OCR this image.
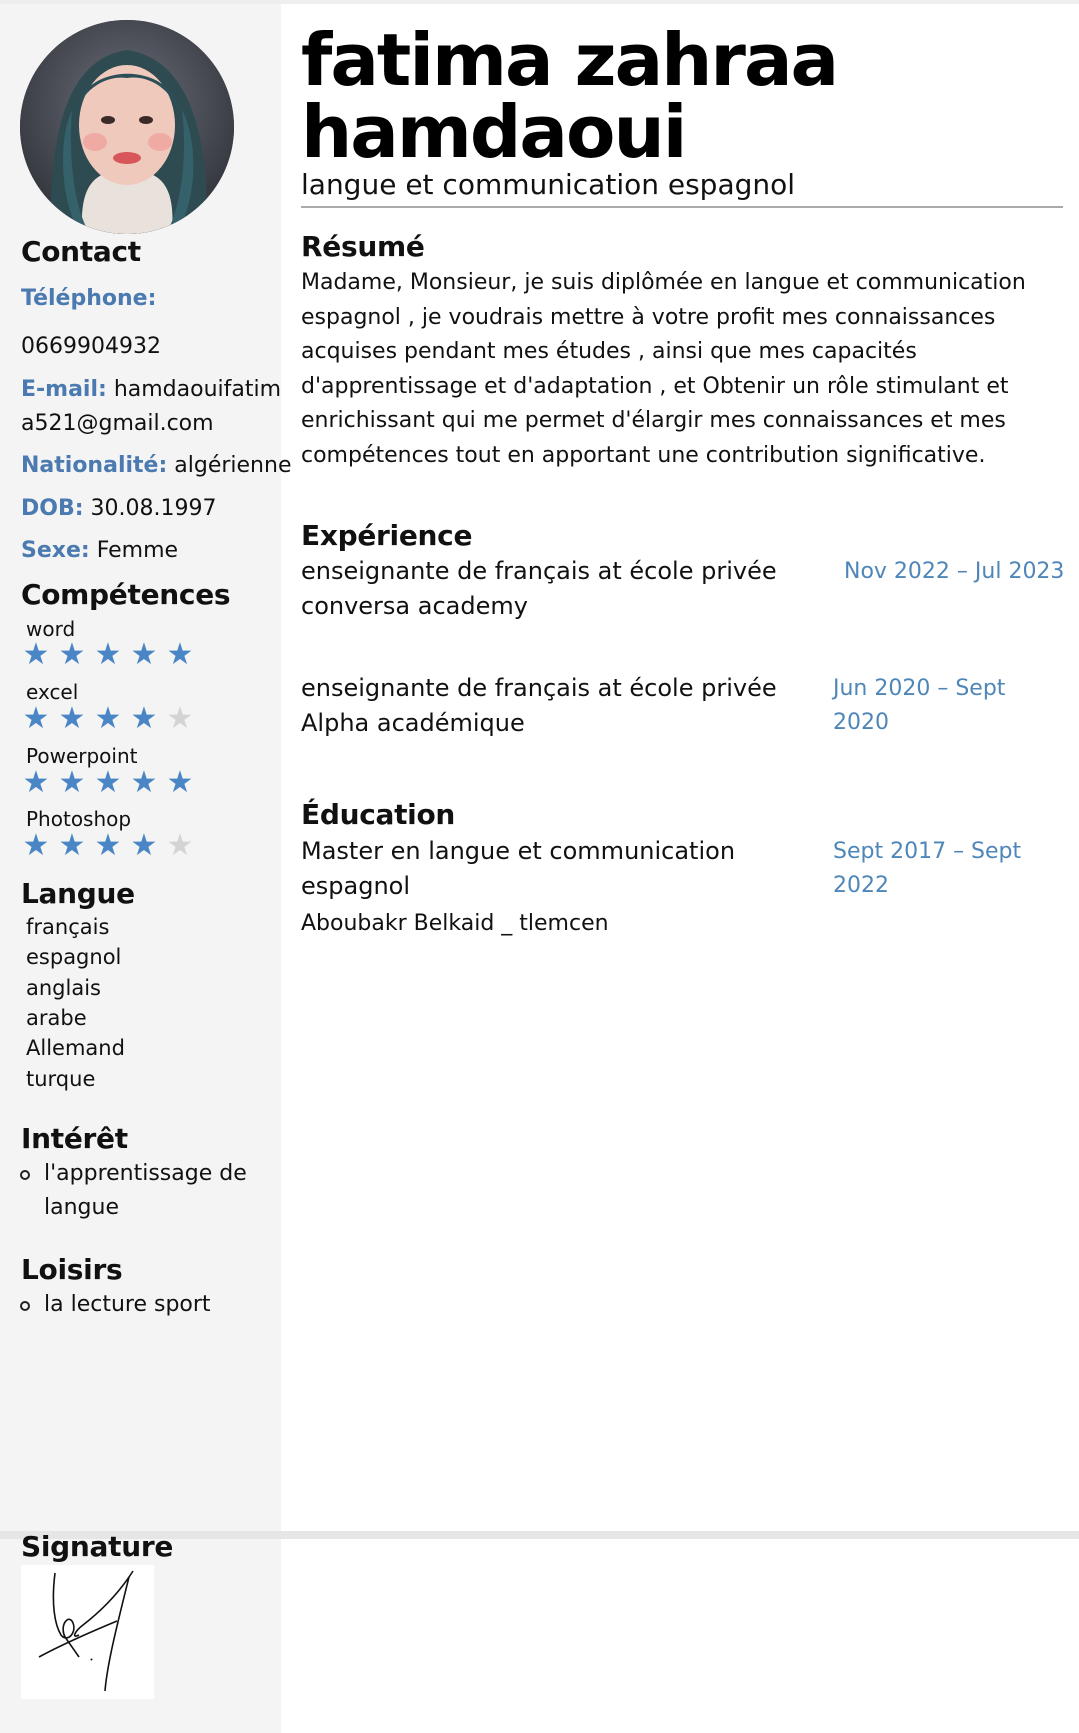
Contact
Téléphone:
0669904932
E-mail: hamdaouifatim
a521@gmail.com
Nationalité: algérienne
DOB: 30.08.1997
Sexe: Femme
Compétences
word
★ ★ ★ ★ ★
excel
★ ★ ★ ★ ★
Powerpoint
★ ★ ★ ★ ★
Photoshop
★ ★ ★ ★ ★
Langue
français
espagnol
anglais
arabe
Allemand
turque
Intérêt
l'apprentissage de
langue
Loisirs
la lecture sport
Signature
fatima zahraa
hamdaoui
langue et communication espagnol
Résumé
Madame, Monsieur, je suis diplômée en langue et communication espagnol , je voudrais mettre à votre profit mes connaissances acquises pendant mes études , ainsi que mes capacités d'apprentissage et d'adaptation , et Obtenir un rôle stimulant et enrichissant qui me permet d'élargir mes connaissances et mes compétences tout en apportant une contribution significative.
Expérience
enseignante de français at école privée
conversa academy
Nov 2022 – Jul 2023
enseignante de français at école privée
Alpha académique
Jun 2020 – Sept
2020
Éducation
Master en langue et communication
espagnol
Aboubakr Belkaid _ tlemcen
Sept 2017 – Sept
2022
